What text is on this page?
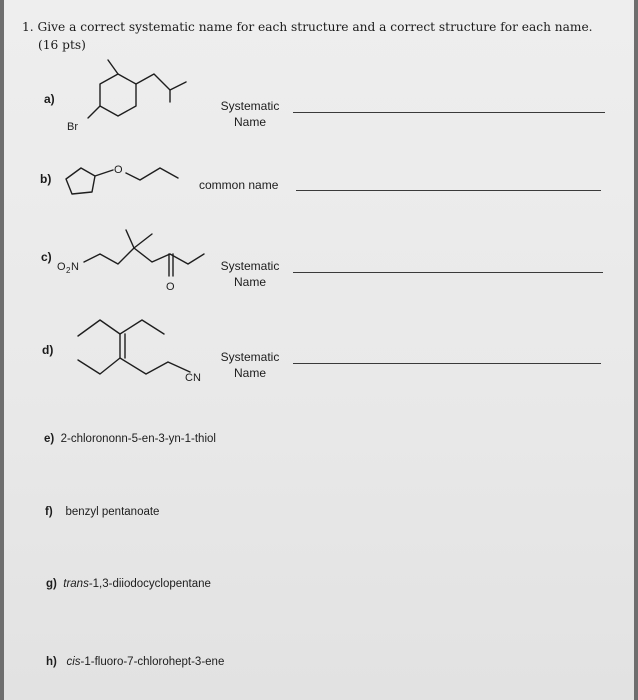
1. Give a correct systematic name for each structure and a correct structure for each name.
(16 pts)
a)	Systematic
Name
b)	common name
c)
Systematic
Name
d)	Systematic
Name
e) 2-chlorononn-5-en-3-yn-1-thiol
f) benzyl pentanoate
g) trans-1,3-diiodocyclopentane
h) cis-1-fluoro-7-chlorohept-3-ene
Br
O
O 2 N
O
CN
